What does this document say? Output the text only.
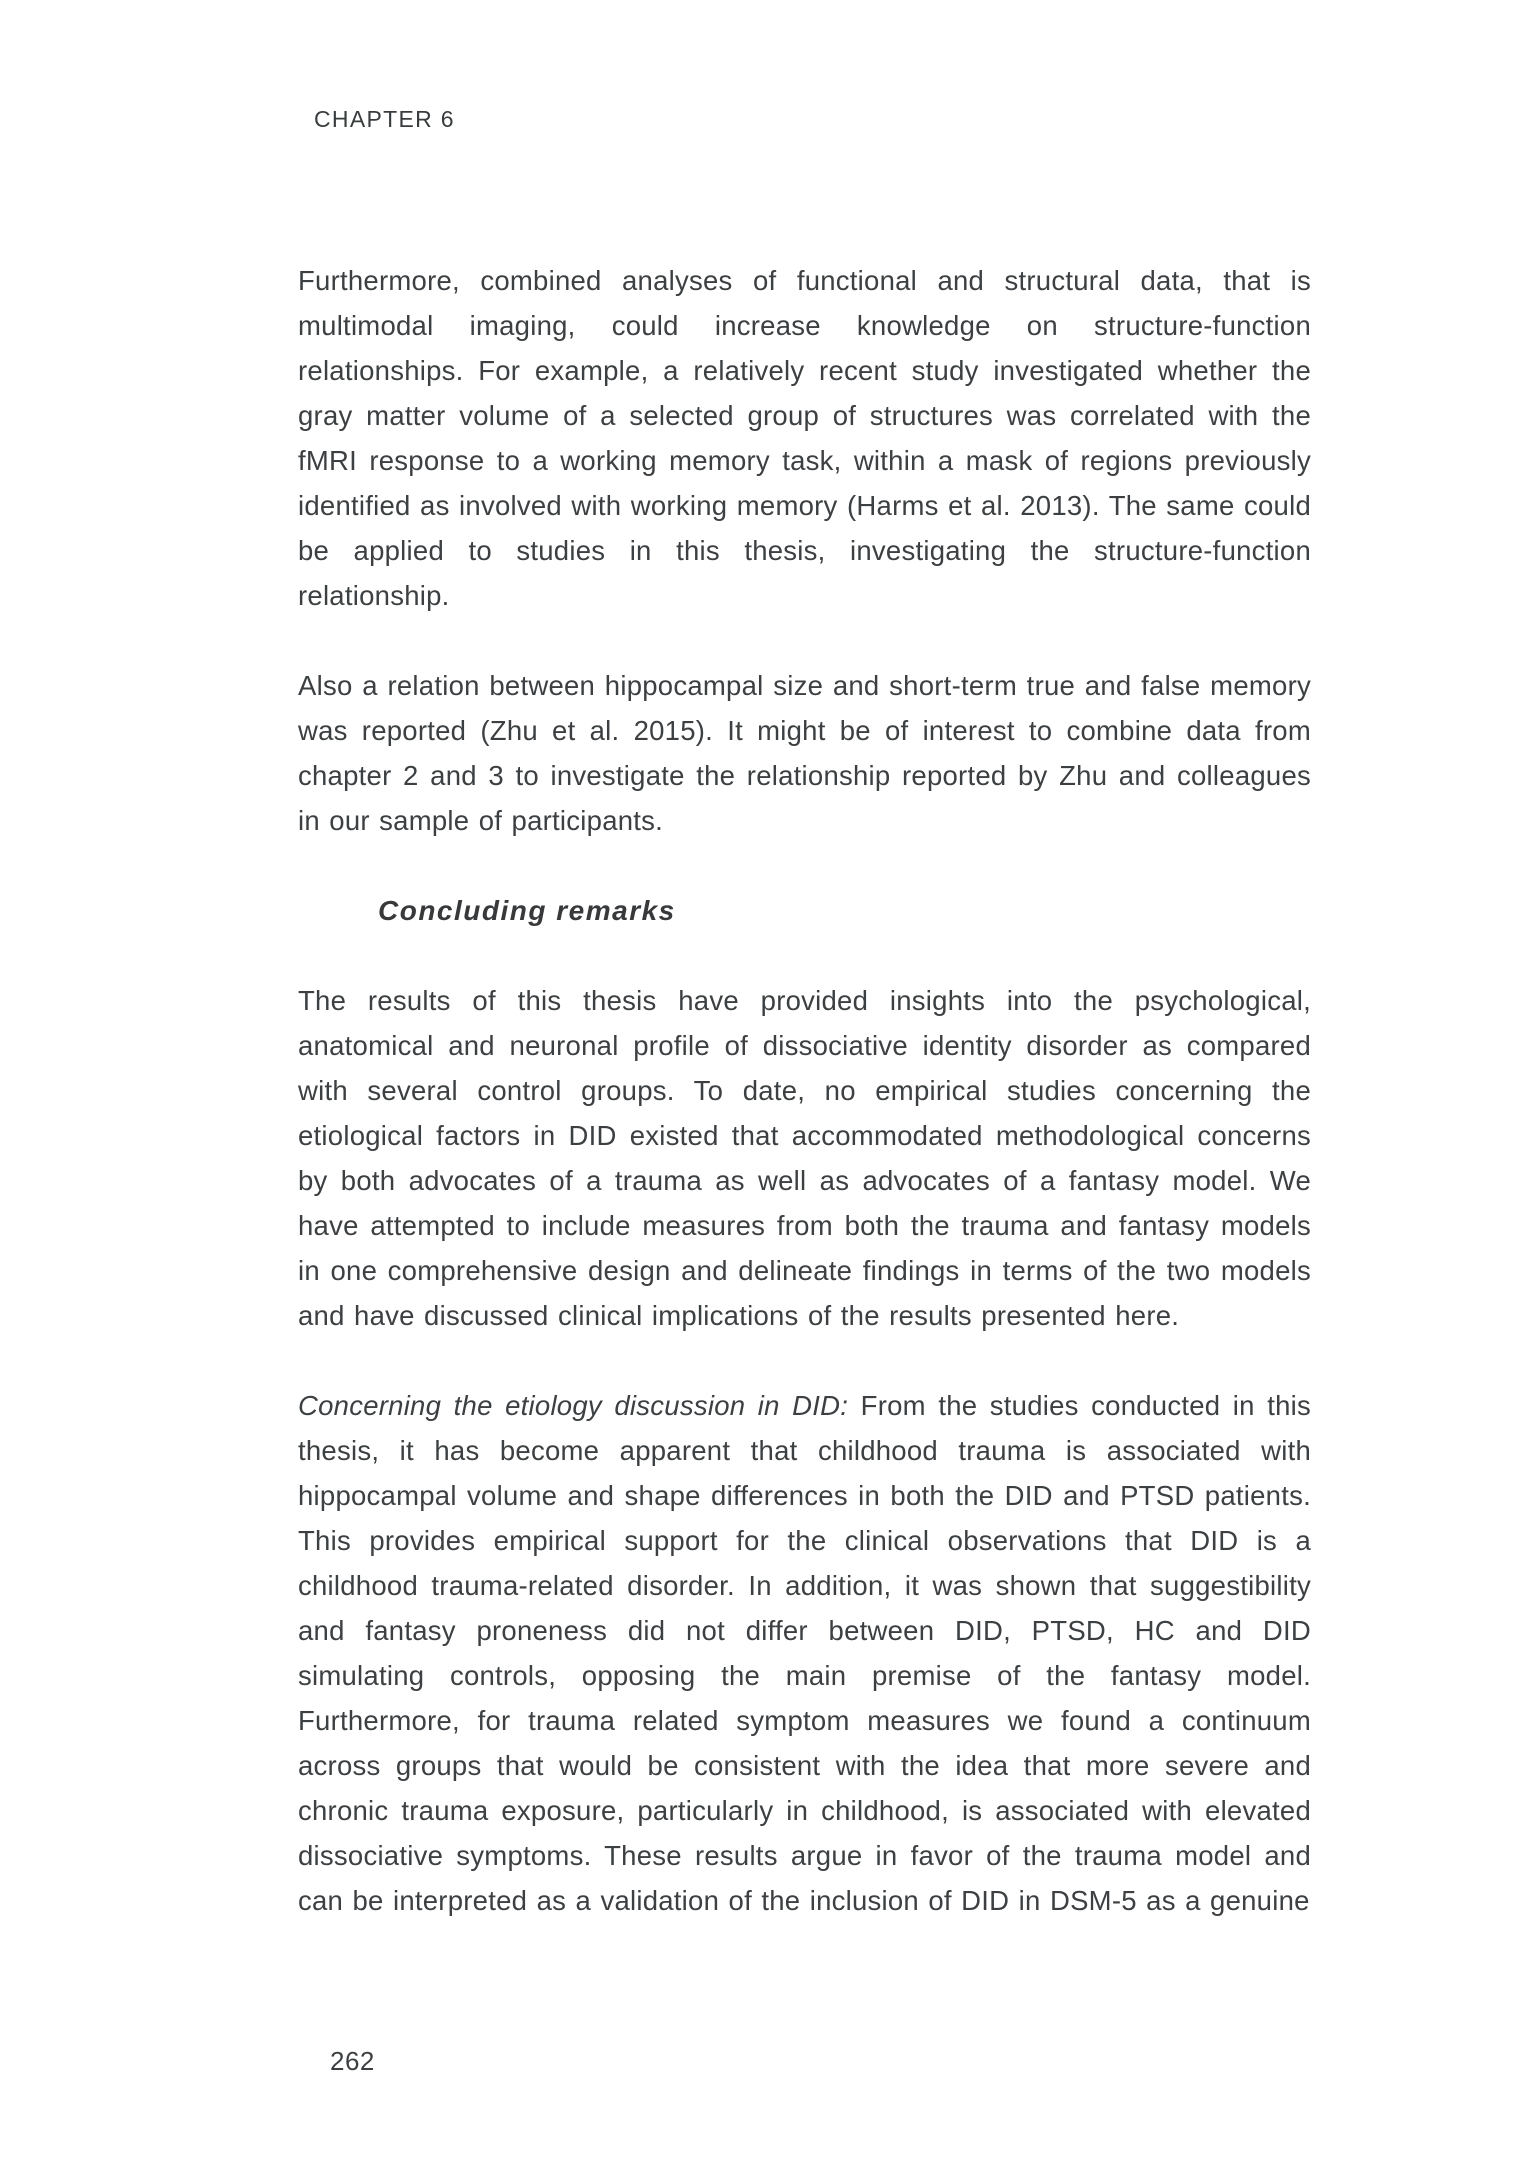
CHAPTER 6

Furthermore, combined analyses of functional and structural data, that is multimodal imaging, could increase knowledge on structure-function relationships. For example, a relatively recent study investigated whether the gray matter volume of a selected group of structures was correlated with the fMRI response to a working memory task, within a mask of regions previously identified as involved with working memory (Harms et al. 2013). The same could be applied to studies in this thesis, investigating the structure-function relationship.

Also a relation between hippocampal size and short-term true and false memory was reported (Zhu et al. 2015). It might be of interest to combine data from chapter 2 and 3 to investigate the relationship reported by Zhu and colleagues in our sample of participants.

Concluding remarks

The results of this thesis have provided insights into the psychological, anatomical and neuronal profile of dissociative identity disorder as compared with several control groups. To date, no empirical studies concerning the etiological factors in DID existed that accommodated methodological concerns by both advocates of a trauma as well as advocates of a fantasy model. We have attempted to include measures from both the trauma and fantasy models in one comprehensive design and delineate findings in terms of the two models and have discussed clinical implications of the results presented here.

Concerning the etiology discussion in DID: From the studies conducted in this thesis, it has become apparent that childhood trauma is associated with hippocampal volume and shape differences in both the DID and PTSD patients. This provides empirical support for the clinical observations that DID is a childhood trauma-related disorder. In addition, it was shown that suggestibility and fantasy proneness did not differ between DID, PTSD, HC and DID simulating controls, opposing the main premise of the fantasy model. Furthermore, for trauma related symptom measures we found a continuum across groups that would be consistent with the idea that more severe and chronic trauma exposure, particularly in childhood, is associated with elevated dissociative symptoms. These results argue in favor of the trauma model and can be interpreted as a validation of the inclusion of DID in DSM-5 as a genuine

262
